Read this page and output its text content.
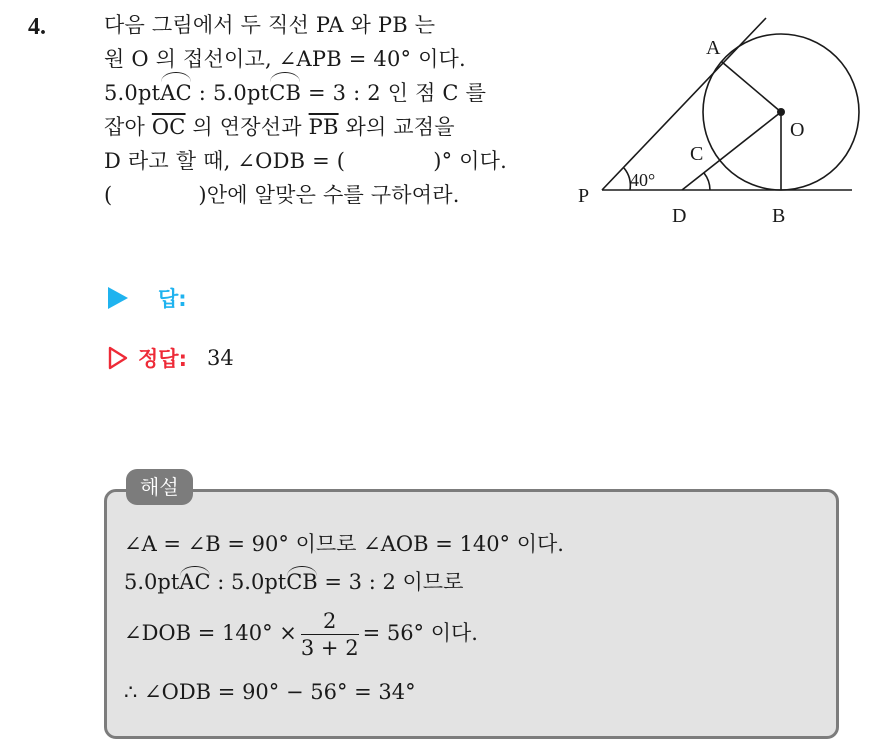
4.	다음 그림에서 두 직선 PA 와 PB 는
원 O 의 접선이고, ∠APB = 40° 이다.
5.0ptAC : 5.0ptCB = 3 : 2 인 점 C 를
잡아 $\overline{OC}$ 의 연장선과 $\overline{PB}$ 와의 교점을
D 라고 할 때, ∠ODB = (	)° 이다.
(	)안에 알맞은 수를 구하여라.
A
O
C
P
D	B
40°
답:
정답: 34
해설
∠A = ∠B = 90° 이므로 ∠AOB = 140° 이다.
5.0ptAC : 5.0ptCB = 3 : 2 이므로
∠DOB = $140^\circ \times \frac{2}{3 + 2} = 56^\circ$ 이다.
∴ ∠ODB = 90° − 56° = 34°
